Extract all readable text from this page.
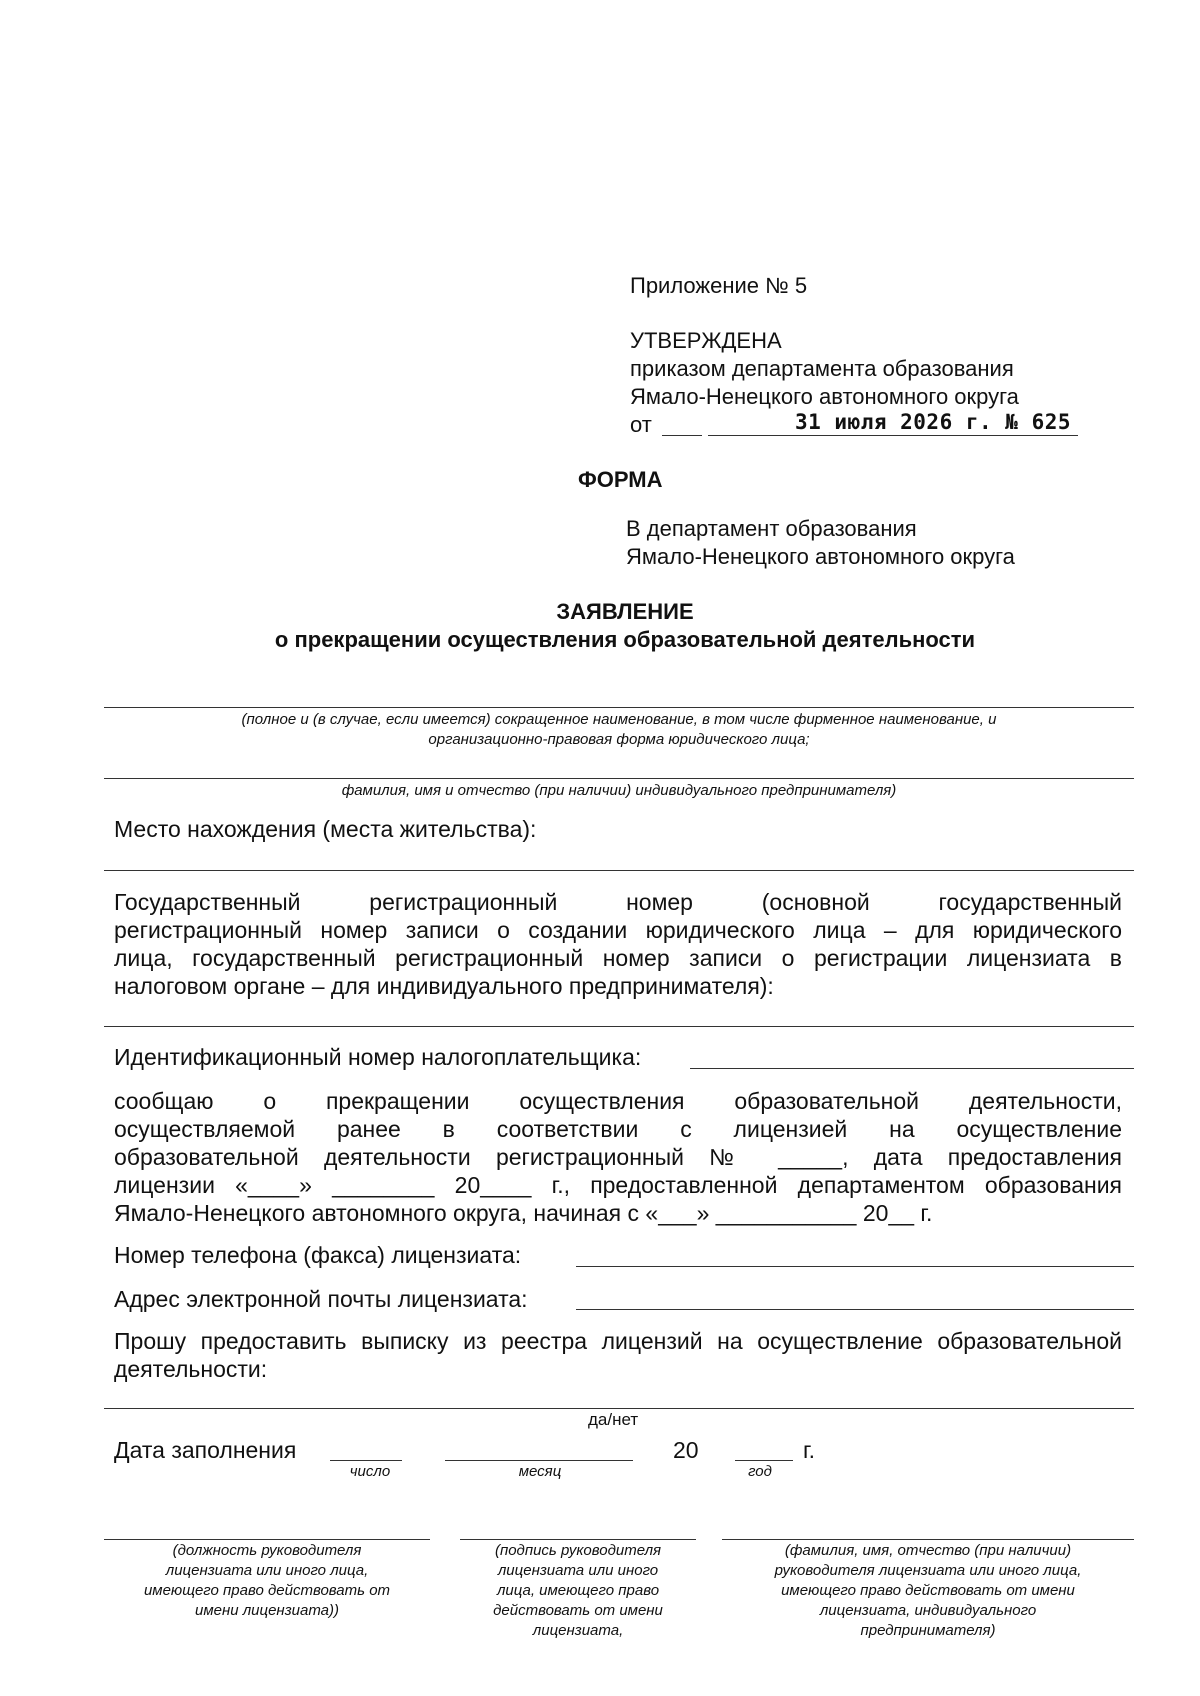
Приложение № 5
УТВЕРЖДЕНА
приказом департамента образования
Ямало-Ненецкого автономного округа
от	31 июля 2026 г. № 625
ФОРМА
В департамент образования
Ямало-Ненецкого автономного округа
ЗАЯВЛЕНИЕ
о прекращении осуществления образовательной деятельности
(полное и (в случае, если имеется) сокращенное наименование, в том числе фирменное наименование, и
организационно-правовая форма юридического лица;
фамилия, имя и отчество (при наличии) индивидуального предпринимателя)
Место нахождения (места жительства):
Государственный регистрационный номер (основной государственный
регистрационный номер записи о создании юридического лица – для юридического
лица, государственный регистрационный номер записи о регистрации лицензиата в
налоговом органе – для индивидуального предпринимателя):
Идентификационный номер налогоплательщика:
сообщаю о прекращении осуществления образовательной деятельности,
осуществляемой ранее в соответствии с лицензией на осуществление
образовательной деятельности регистрационный № _____, дата предоставления
лицензии «____» ________ 20____ г., предоставленной департаментом образования
Ямало-Ненецкого автономного округа, начиная с «___» ___________ 20__ г.
Номер телефона (факса) лицензиата:
Адрес электронной почты лицензиата:
Прошу предоставить выписку из реестра лицензий на осуществление образовательной
деятельности:
да/нет
Дата заполнения	20	г.
число	месяц	год
(должность руководителя
лицензиата или иного лица,
имеющего право действовать от
имени лицензиата))
(подпись руководителя
лицензиата или иного
лица, имеющего право
действовать от имени
лицензиата,
(фамилия, имя, отчество (при наличии)
руководителя лицензиата или иного лица,
имеющего право действовать от имени
лицензиата, индивидуального
предпринимателя)
